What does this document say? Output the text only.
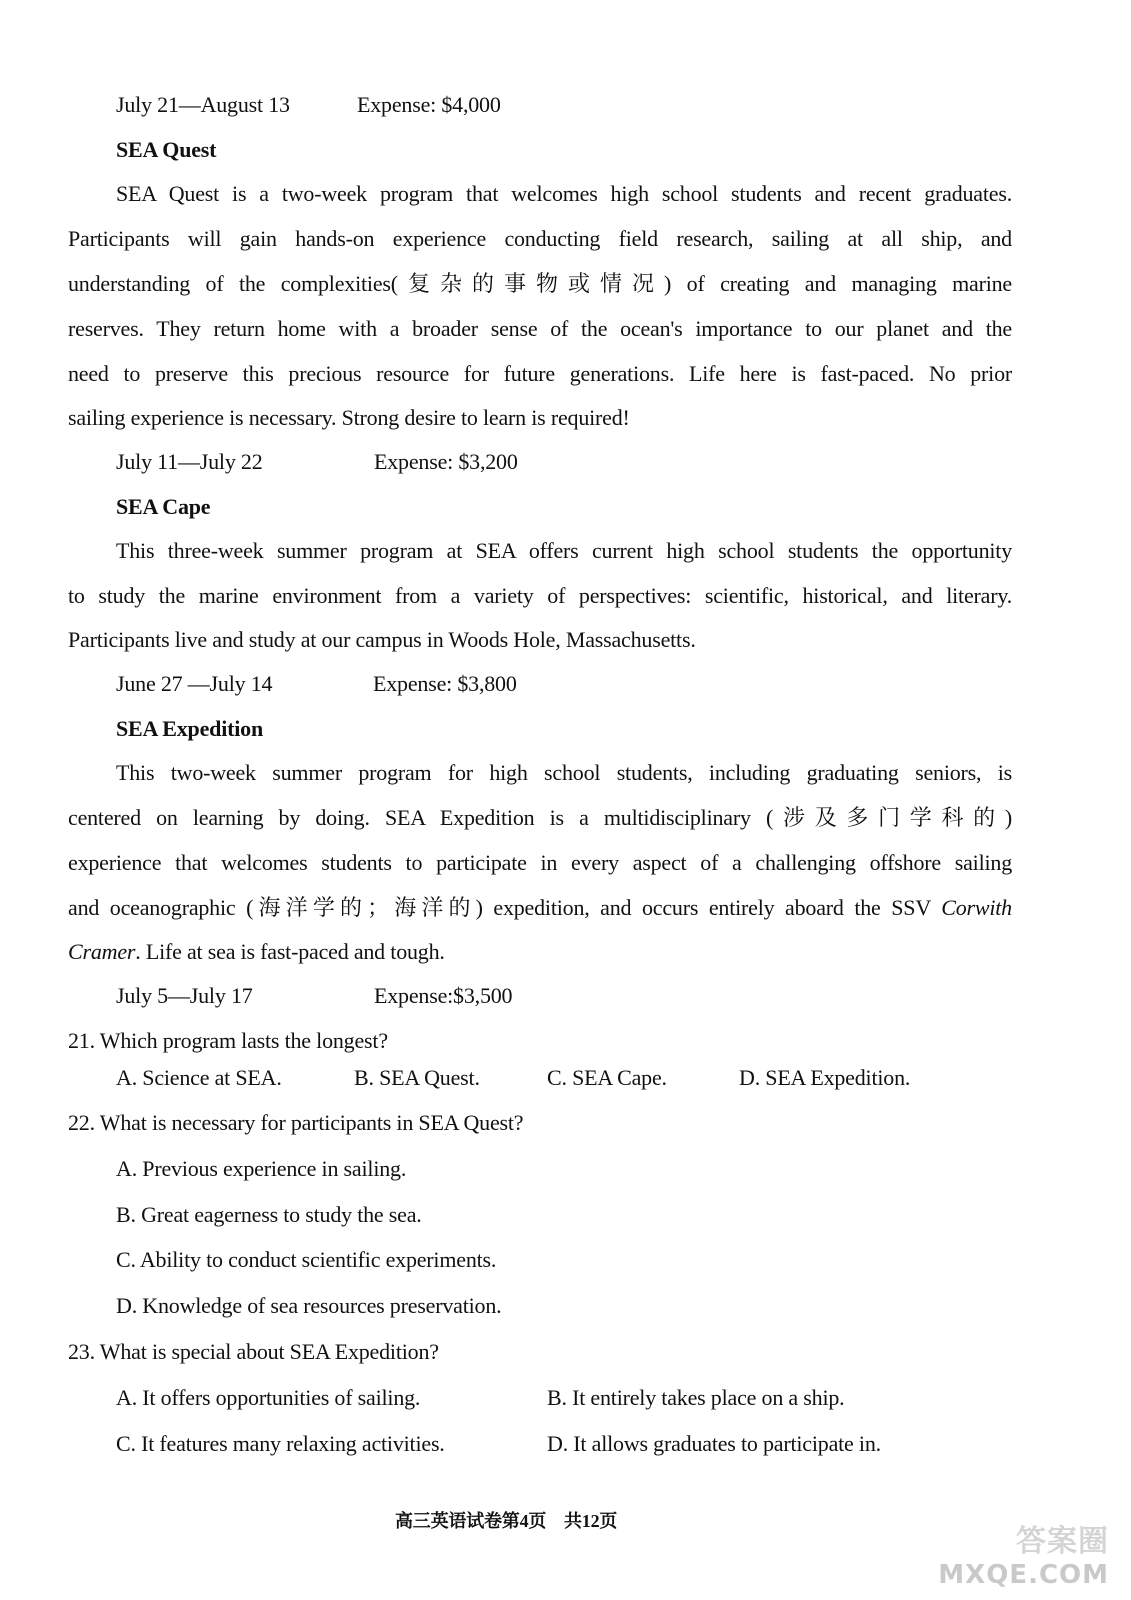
July 21—August 13	Expense: $4,000
SEA Quest
SEA Quest is a two-week program that welcomes high school students and recent graduates.
Participants will gain hands-on experience conducting field research, sailing at all ship, and
understanding of the complexities(复杂的事物或情况) of creating and managing marine
reserves. They return home with a broader sense of the ocean's importance to our planet and the
need to preserve this precious resource for future generations. Life here is fast-paced. No prior
sailing experience is necessary. Strong desire to learn is required!
July 11—July 22	Expense: $3,200
SEA Cape
This three-week summer program at SEA offers current high school students the opportunity
to study the marine environment from a variety of perspectives: scientific, historical, and literary.
Participants live and study at our campus in Woods Hole, Massachusetts.
June 27 —July 14	Expense: $3,800
SEA Expedition
This two-week summer program for high school students, including graduating seniors, is
centered on learning by doing. SEA Expedition is a multidisciplinary (涉及多门学科的)
experience that welcomes students to participate in every aspect of a challenging offshore sailing
and oceanographic (海洋学的；海洋的) expedition, and occurs entirely aboard the SSV Corwith
Cramer. Life at sea is fast-paced and tough.
July 5—July 17	Expense:$3,500
21. Which program lasts the longest?
A. Science at SEA.	B. SEA Quest.	C. SEA Cape.	D. SEA Expedition.
22. What is necessary for participants in SEA Quest?
A. Previous experience in sailing.
B. Great eagerness to study the sea.
C. Ability to conduct scientific experiments.
D. Knowledge of sea resources preservation.
23. What is special about SEA Expedition?
A. It offers opportunities of sailing.	B. It entirely takes place on a ship.
C. It features many relaxing activities.	D. It allows graduates to participate in.
高三英语试卷第4页　共12页
答案圈
MXQE.COM
